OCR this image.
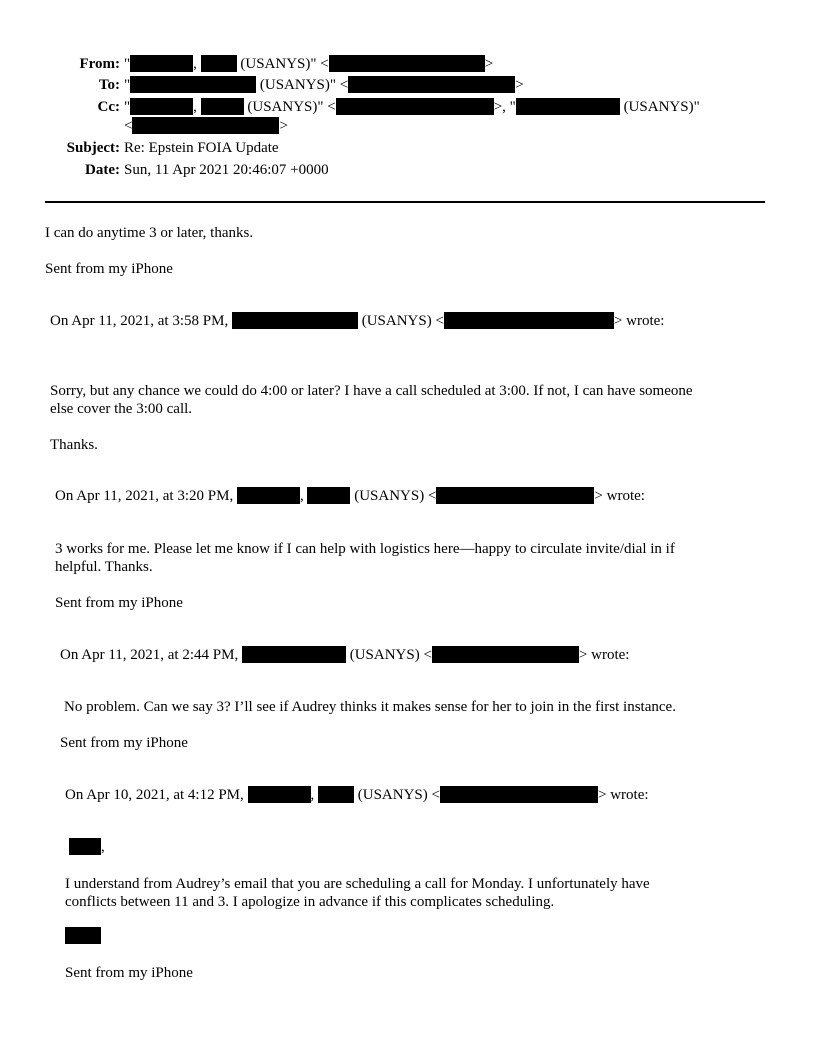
From: "	,  (USANYS)" <	>
To: "	(USANYS)" <	>
Cc: "	,	(USANYS)" <	>, "	(USANYS)"
<	>
Subject: Re: Epstein FOIA Update
Date: Sun, 11 Apr 2021 20:46:07 +0000
I can do anytime 3 or later, thanks.
Sent from my iPhone
On Apr 11, 2021, at 3:58 PM,	(USANYS) <	> wrote:
Sorry, but any chance we could do 4:00 or later? I have a call scheduled at 3:00. If not, I can have someone
else cover the 3:00 call.
Thanks.
On Apr 11, 2021, at 3:20 PM,	,	(USANYS) <	> wrote:
3 works for me. Please let me know if I can help with logistics here—happy to circulate invite/dial in if
helpful. Thanks.
Sent from my iPhone
On Apr 11, 2021, at 2:44 PM,	(USANYS) <	> wrote:
No problem. Can we say 3? I’ll see if Audrey thinks it makes sense for her to join in the first instance.
Sent from my iPhone
On Apr 10, 2021, at 4:12 PM,	,  (USANYS) <	> wrote:
,
I understand from Audrey’s email that you are scheduling a call for Monday. I unfortunately have
conflicts between 11 and 3. I apologize in advance if this complicates scheduling.
Sent from my iPhone
